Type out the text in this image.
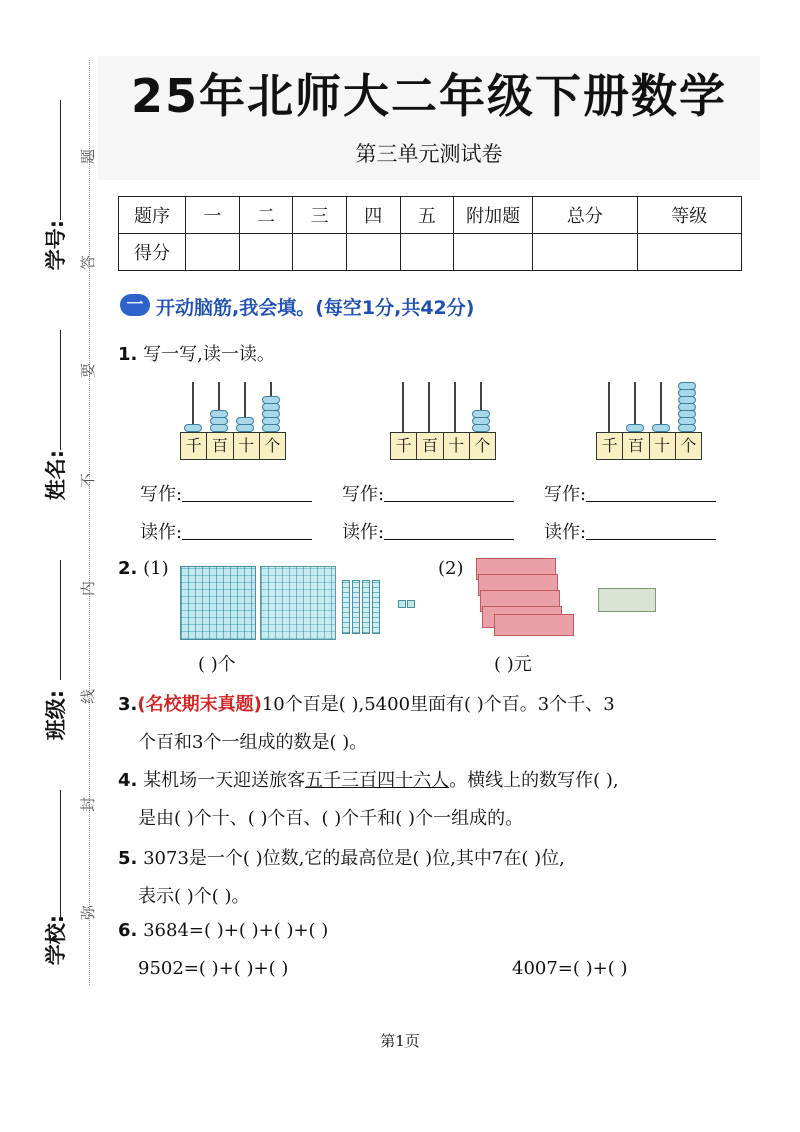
25年北师大二年级下册数学
第三单元测试卷
学号:
姓名:
班级:
学校:
题
答
要
不
内
线
封
弥
题序	一	二	三	四	五	附加题	总分	等级
得分								
一 开动脑筋,我会填。(每空1分,共42分)
1. 写一写,读一读。
千 百 十 个	千 百 十 个	千 百 十 个
写作:	写作:	写作:
读作:	读作:	读作:
2. (1)	(2)
( )个	( )元
3.(名校期末真题)10个百是( ),5400里面有( )个百。3个千、3
个百和3个一组成的数是( )。
4. 某机场一天迎送旅客五千三百四十六人。横线上的数写作( ),
是由( )个十、( )个百、( )个千和( )个一组成的。
5. 3073是一个( )位数,它的最高位是( )位,其中7在( )位,
表示( )个( )。
6. 3684=( )+( )+( )+( )
9502=( )+( )+( )	4007=( )+( )
第1页
